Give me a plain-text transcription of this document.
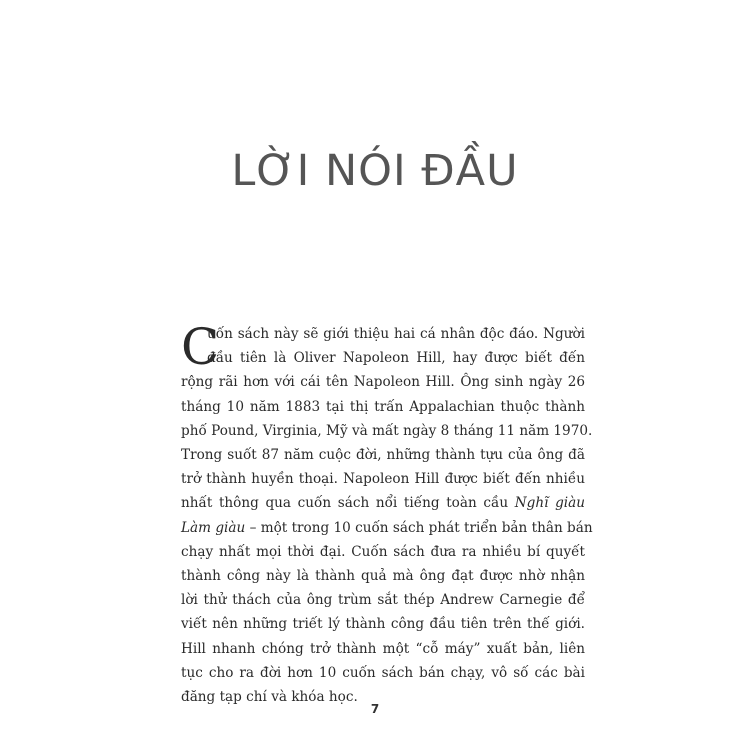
LỜI NÓI ĐẦU
C
uốn sách này sẽ giới thiệu hai cá nhân độc đáo. Người
đầu tiên là Oliver Napoleon Hill, hay được biết đến
rộng rãi hơn với cái tên Napoleon Hill. Ông sinh ngày 26
tháng 10 năm 1883 tại thị trấn Appalachian thuộc thành
phố Pound, Virginia, Mỹ và mất ngày 8 tháng 11 năm 1970.
Trong suốt 87 năm cuộc đời, những thành tựu của ông đã
trở thành huyền thoại. Napoleon Hill được biết đến nhiều
nhất thông qua cuốn sách nổi tiếng toàn cầu Nghĩ giàu
Làm giàu – một trong 10 cuốn sách phát triển bản thân bán
chạy nhất mọi thời đại. Cuốn sách đưa ra nhiều bí quyết
thành công này là thành quả mà ông đạt được nhờ nhận
lời thử thách của ông trùm sắt thép Andrew Carnegie để
viết nên những triết lý thành công đầu tiên trên thế giới.
Hill nhanh chóng trở thành một “cỗ máy” xuất bản, liên
tục cho ra đời hơn 10 cuốn sách bán chạy, vô số các bài
đăng tạp chí và khóa học.
7
